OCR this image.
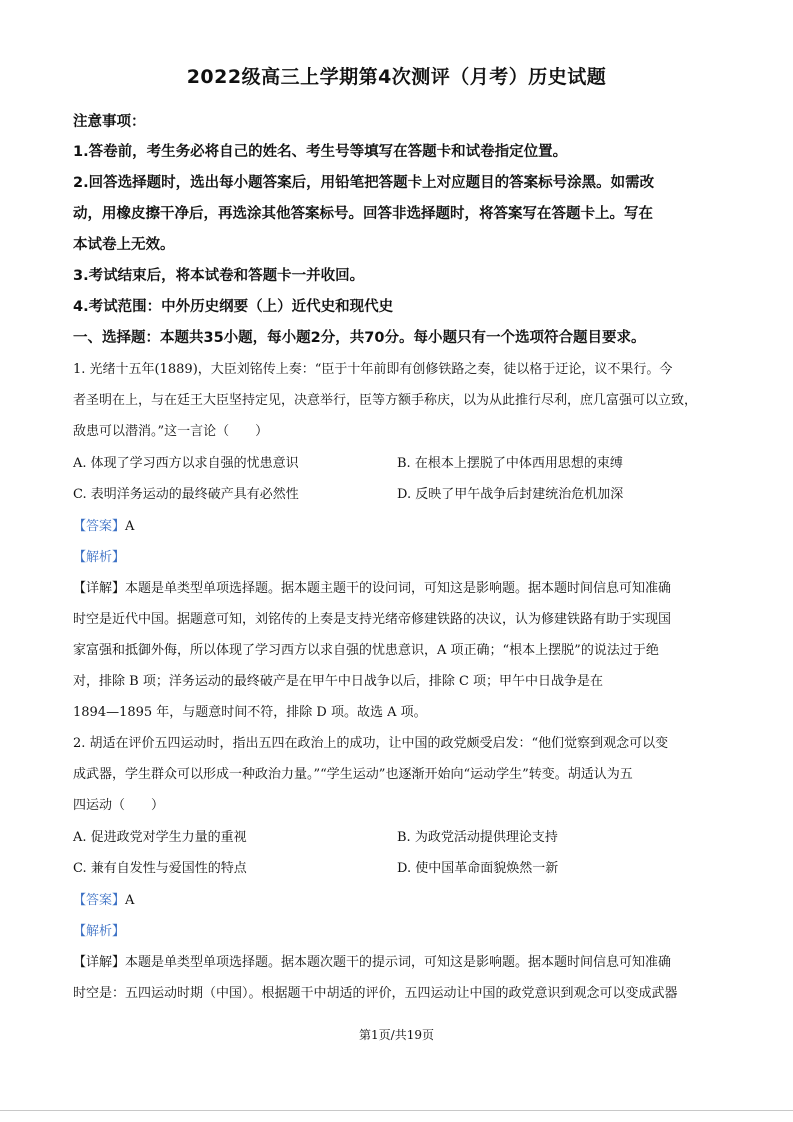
2022级高三上学期第4次测评（月考）历史试题
注意事项：
1.答卷前，考生务必将自己的姓名、考生号等填写在答题卡和试卷指定位置。
2.回答选择题时，选出每小题答案后，用铅笔把答题卡上对应题目的答案标号涂黑。如需改
动，用橡皮擦干净后，再选涂其他答案标号。回答非选择题时，将答案写在答题卡上。写在
本试卷上无效。
3.考试结束后，将本试卷和答题卡一并收回。
4.考试范围：中外历史纲要（上）近代史和现代史
一、选择题：本题共35小题，每小题2分，共70分。每小题只有一个选项符合题目要求。
1. 光绪十五年(1889)，大臣刘铭传上奏：“臣于十年前即有创修铁路之奏，徒以格于迂论，议不果行。今
者圣明在上，与在廷王大臣坚持定见，决意举行，臣等方额手称庆，以为从此推行尽利，庶几富强可以立致，
敌患可以潜消。”这一言论（　　）
A. 体现了学习西方以求自强的忧患意识	B. 在根本上摆脱了中体西用思想的束缚
C. 表明洋务运动的最终破产具有必然性	D. 反映了甲午战争后封建统治危机加深
【答案】A
【解析】
【详解】本题是单类型单项选择题。据本题主题干的设问词，可知这是影响题。据本题时间信息可知准确
时空是近代中国。据题意可知，刘铭传的上奏是支持光绪帝修建铁路的决议，认为修建铁路有助于实现国
家富强和抵御外侮，所以体现了学习西方以求自强的忧患意识，A 项正确；“根本上摆脱”的说法过于绝
对，排除 B 项；洋务运动的最终破产是在甲午中日战争以后，排除 C 项；甲午中日战争是在
1894—1895 年，与题意时间不符，排除 D 项。故选 A 项。
2. 胡适在评价五四运动时，指出五四在政治上的成功，让中国的政党颇受启发：“他们觉察到观念可以变
成武器，学生群众可以形成一种政治力量。”“学生运动”也逐渐开始向“运动学生”转变。胡适认为五
四运动（　　）
A. 促进政党对学生力量的重视	B. 为政党活动提供理论支持
C. 兼有自发性与爱国性的特点	D. 使中国革命面貌焕然一新
【答案】A
【解析】
【详解】本题是单类型单项选择题。据本题次题干的提示词，可知这是影响题。据本题时间信息可知准确
时空是：五四运动时期（中国）。根据题干中胡适的评价，五四运动让中国的政党意识到观念可以变成武器
第1页/共19页
